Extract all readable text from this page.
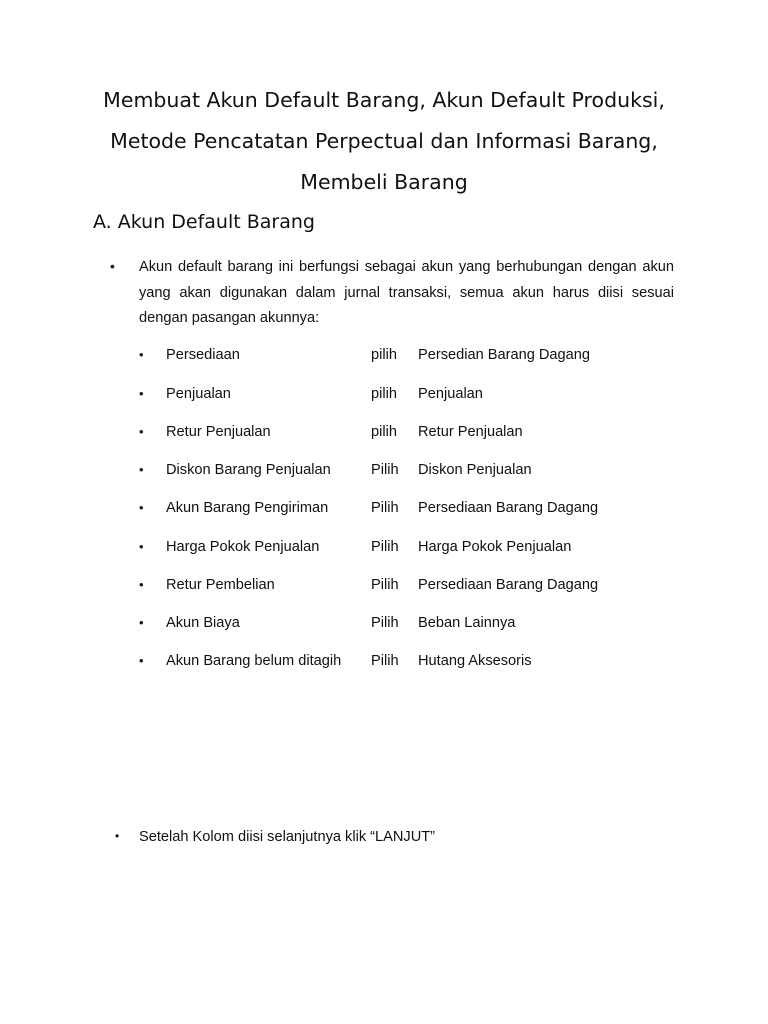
Membuat Akun Default Barang, Akun Default Produksi,
Metode Pencatatan Perpectual dan Informasi Barang,
Membeli Barang
A. Akun Default Barang
• Akun default barang ini berfungsi sebagai akun yang berhubungan dengan akun yang akan digunakan dalam jurnal transaksi, semua akun harus diisi sesuai dengan pasangan akunnya:
• Persediaan	pilih Persedian Barang Dagang
• Penjualan	pilih Penjualan
• Retur Penjualan	pilih Retur Penjualan
• Diskon Barang Penjualan	Pilih Diskon Penjualan
• Akun Barang Pengiriman	Pilih Persediaan Barang Dagang
• Harga Pokok Penjualan	Pilih Harga Pokok Penjualan
• Retur Pembelian	Pilih Persediaan Barang Dagang
• Akun Biaya	Pilih Beban Lainnya
• Akun Barang belum ditagih Pilih Hutang Aksesoris
• Setelah Kolom diisi selanjutnya klik “LANJUT”
